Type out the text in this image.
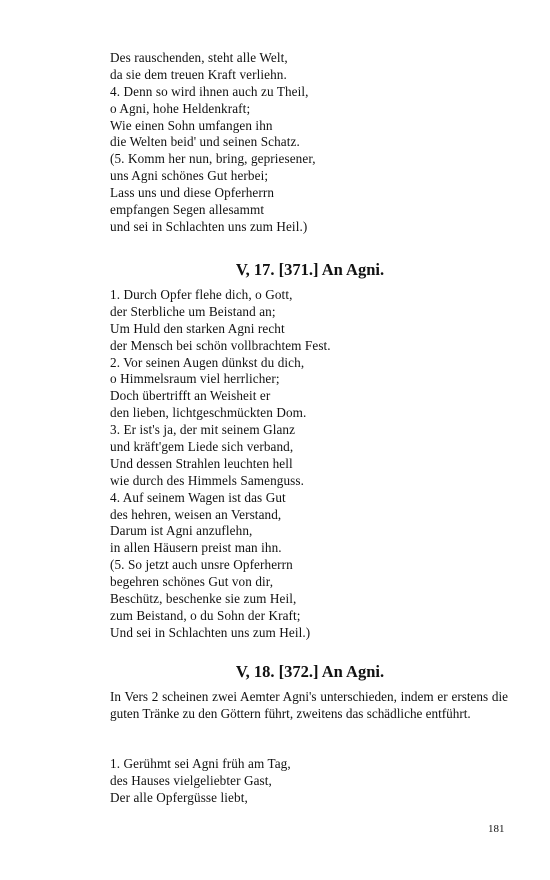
Des rauschenden, steht alle Welt,
da sie dem treuen Kraft verliehn.
4. Denn so wird ihnen auch zu Theil,
o Agni, hohe Heldenkraft;
Wie einen Sohn umfangen ihn
die Welten beid' und seinen Schatz.
(5. Komm her nun, bring, gepriesener,
uns Agni schönes Gut herbei;
Lass uns und diese Opferherrn
empfangen Segen allesammt
und sei in Schlachten uns zum Heil.)
V, 17. [371.] An Agni.
1. Durch Opfer flehe dich, o Gott,
der Sterbliche um Beistand an;
Um Huld den starken Agni recht
der Mensch bei schön vollbrachtem Fest.
2. Vor seinen Augen dünkst du dich,
o Himmelsraum viel herrlicher;
Doch übertrifft an Weisheit er
den lieben, lichtgeschmückten Dom.
3. Er ist's ja, der mit seinem Glanz
und kräft'gem Liede sich verband,
Und dessen Strahlen leuchten hell
wie durch des Himmels Samenguss.
4. Auf seinem Wagen ist das Gut
des hehren, weisen an Verstand,
Darum ist Agni anzuflehn,
in allen Häusern preist man ihn.
(5. So jetzt auch unsre Opferherrn
begehren schönes Gut von dir,
Beschütz, beschenke sie zum Heil,
zum Beistand, o du Sohn der Kraft;
Und sei in Schlachten uns zum Heil.)
V, 18. [372.] An Agni.
In Vers 2 scheinen zwei Aemter Agni's unterschieden, indem er erstens die guten Tränke zu den Göttern führt, zweitens das schädliche entführt.
1. Gerühmt sei Agni früh am Tag,
des Hauses vielgeliebter Gast,
Der alle Opfergüsse liebt,
181
